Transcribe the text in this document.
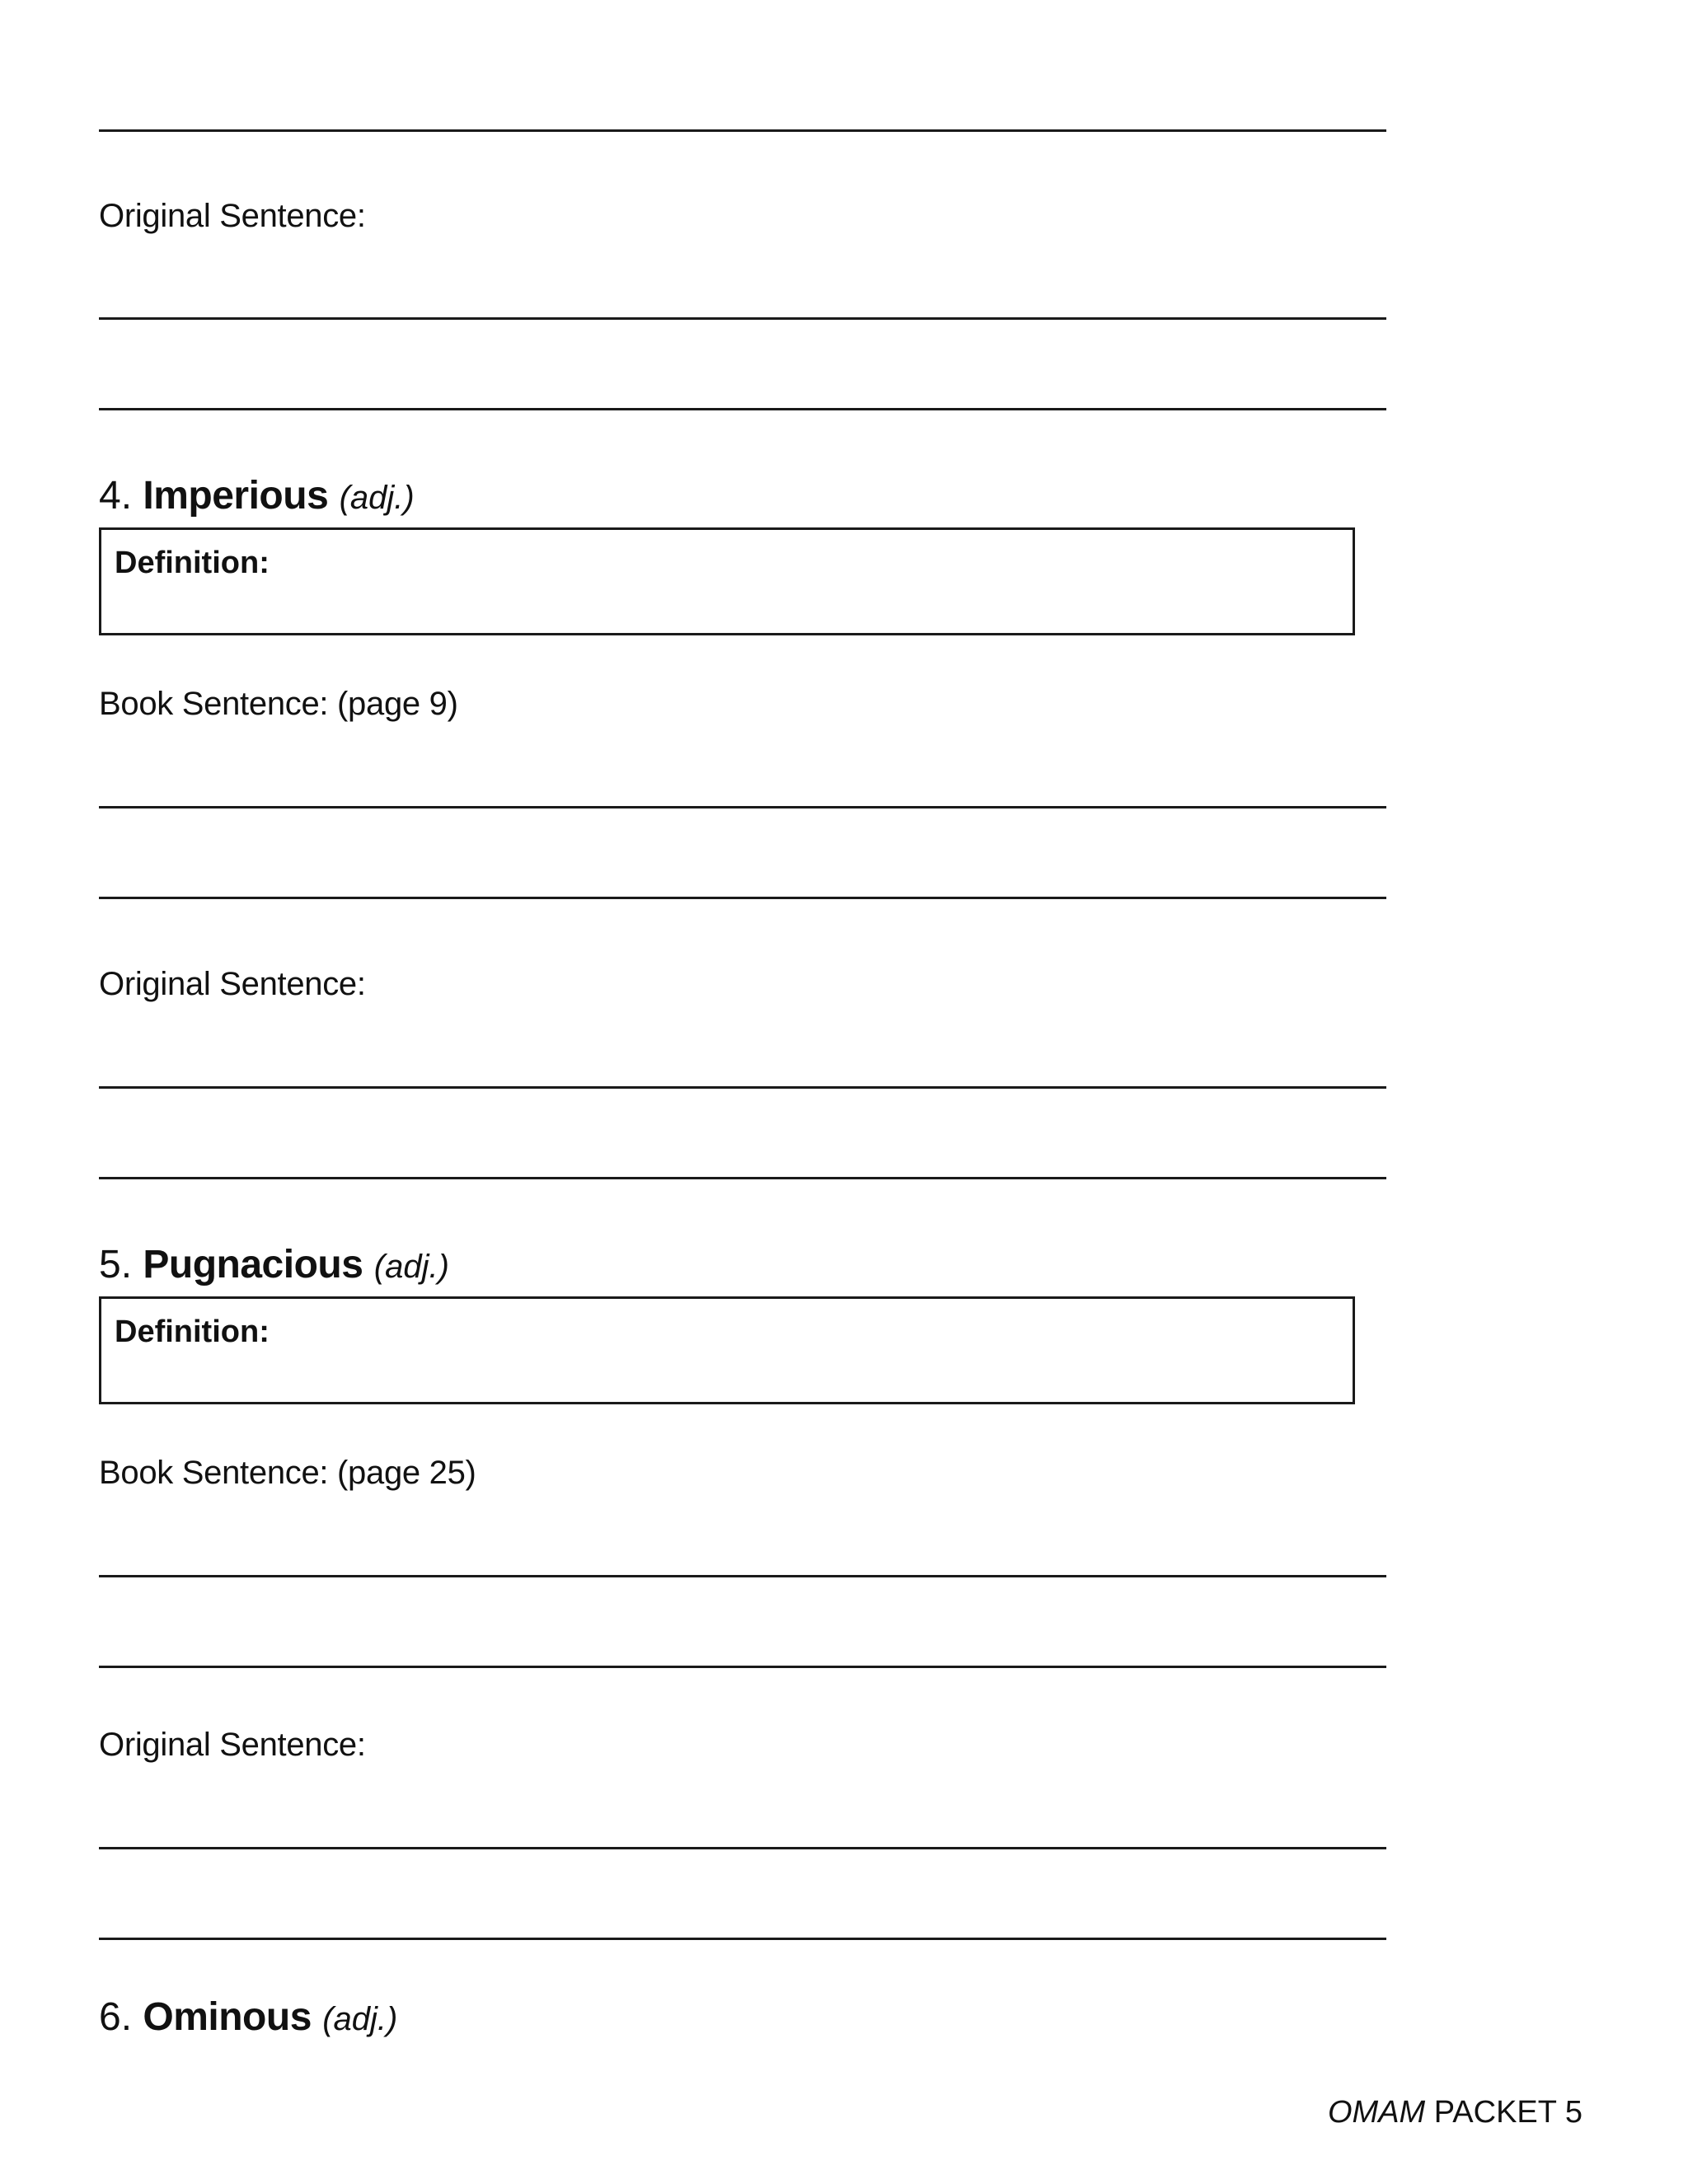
Original Sentence:
4. Imperious (adj.)
Definition:
Book Sentence: (page 9)
Original Sentence:
5. Pugnacious (adj.)
Definition:
Book Sentence: (page 25)
Original Sentence:
6. Ominous (adj.)
OMAM PACKET 5
